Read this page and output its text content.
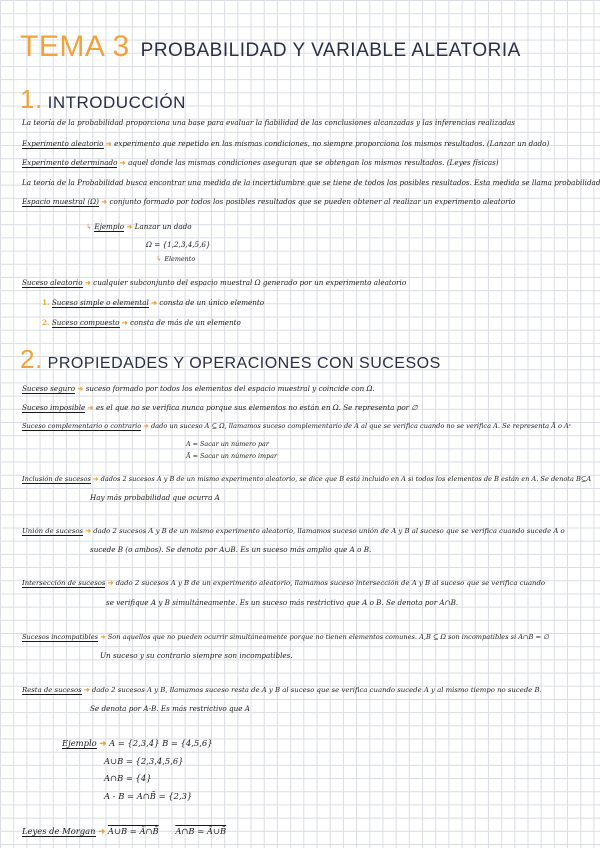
TEMA 3 PROBABILIDAD Y VARIABLE ALEATORIA
1. INTRODUCCIÓN
La teoría de la probabilidad proporciona una base para evaluar la fiabilidad de las conclusiones alcanzadas y las inferencias realizadas
Experimento aleatorio ➜ experimento que repetido en las mismas condiciones, no siempre proporciona los mismos resultados. (Lanzar un dado)
Experimento determinado ➜ aquel donde las mismas condiciones aseguran que se obtengan los mismos resultados. (Leyes físicas)
La teoría de la Probabilidad busca encontrar una medida de la incertidumbre que se tiene de todos los posibles resultados. Esta medida se llama probabilidad
Espacio muestral (Ω) ➜ conjunto formado por todos los posibles resultados que se pueden obtener al realizar un experimento aleatorio
↳ Ejemplo ➜ Lanzar un dado
Ω = {1,2,3,4,5,6}
↳ Elemento
Suceso aleatorio ➜ cualquier subconjunto del espacio muestral Ω generado por un experimento aleatorio
1. Suceso simple o elemental ➜ consta de un único elemento
2. Suceso compuesto ➜ consta de más de un elemento
2. PROPIEDADES Y OPERACIONES CON SUCESOS
Suceso seguro ➜ suceso formado por todos los elementos del espacio muestral y coincide con Ω.
Suceso imposible ➜ es el que no se verifica nunca porque sus elementos no están en Ω. Se representa por ∅
Suceso complementario o contrario ➜ dado un suceso A ⊆ Ω, llamamos suceso complementario de A al que se verifica cuando no se verifica A. Se representa Ā o Aᶜ
A = Sacar un número par
Ā = Sacar un número impar
Inclusión de sucesos ➜ dados 2 sucesos A y B de un mismo experimento aleatorio, se dice que B está incluido en A si todos los elementos de B están en A. Se denota B⊆A
Hay más probabilidad que ocurra A
Unión de sucesos ➜ dado 2 sucesos A y B de un mismo experimento aleatorio, llamamos suceso unión de A y B al suceso que se verifica cuando sucede A o
sucede B (o ambos). Se denota por A∪B. Es un suceso más amplio que A o B.
Intersección de sucesos ➜ dado 2 sucesos A y B de un experimento aleatorio, llamamos suceso intersección de A y B al suceso que se verifica cuando
se verifique A y B simultáneamente. Es un suceso más restrictivo que A o B. Se denota por A∩B.
Sucesos incompatibles ➜ Son aquellos que no pueden ocurrir simultáneamente porque no tienen elementos comunes. A,B ⊆ Ω son incompatibles si A∩B = ∅
Un suceso y su contrario siempre son incompatibles.
Resta de sucesos ➜ dado 2 sucesos A y B, llamamos suceso resta de A y B al suceso que se verifica cuando sucede A y al mismo tiempo no sucede B.
Se denota por A-B. Es más restrictivo que A
Ejemplo ➜ A = {2,3,4} B = {4,5,6}
A∪B = {2,3,4,5,6}
A∩B = {4}
A - B = A∩B̄ = {2,3}
Leyes de Morgan ➜ A∪B = Ā∩B̄ A∩B = Ā∪B̄
